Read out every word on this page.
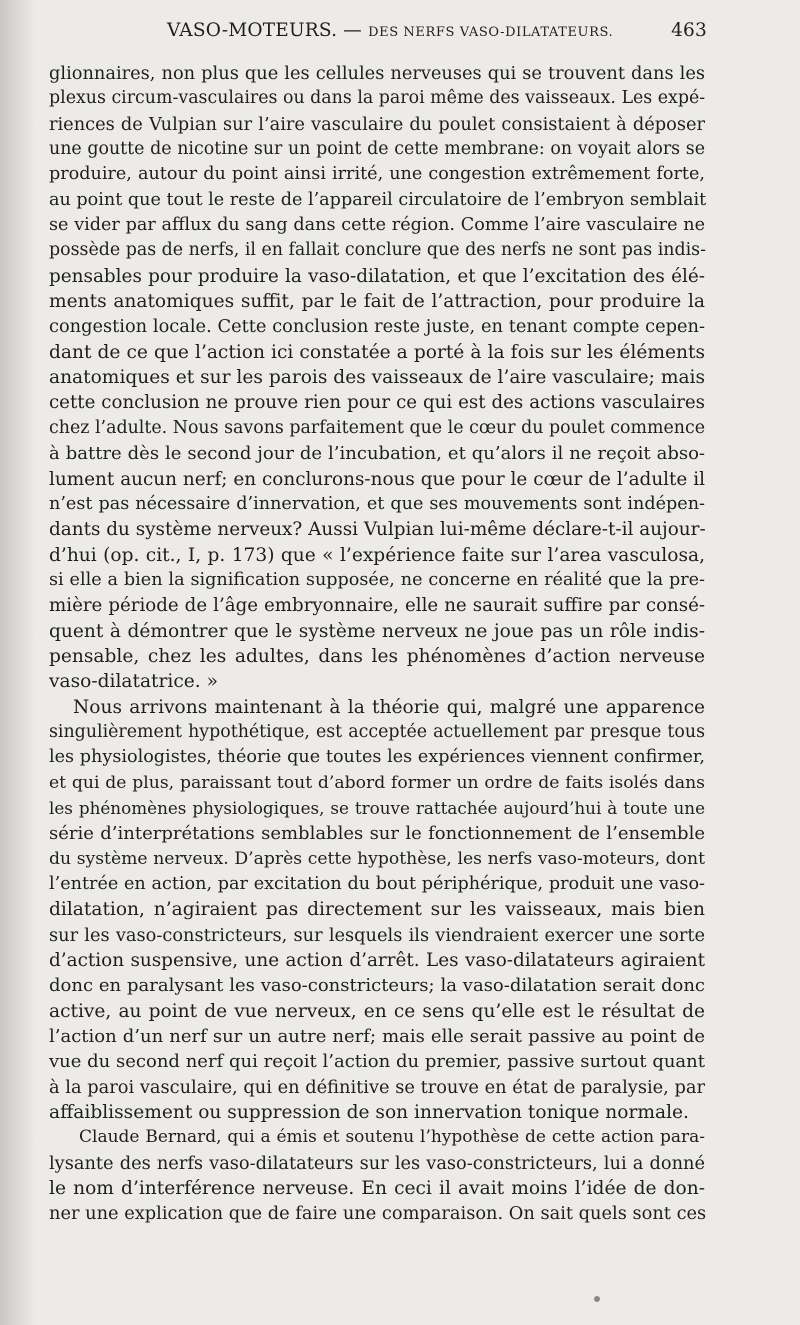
VASO-MOTEURS. — DES NERFS VASO-DILATATEURS.	463
glionnaires, non plus que les cellules nerveuses qui se trouvent dans les
plexus circum-vasculaires ou dans la paroi même des vaisseaux. Les expé-
riences de Vulpian sur l’aire vasculaire du poulet consistaient à déposer
une goutte de nicotine sur un point de cette membrane: on voyait alors se
produire, autour du point ainsi irrité, une congestion extrêmement forte,
au point que tout le reste de l’appareil circulatoire de l’embryon semblait
se vider par afflux du sang dans cette région. Comme l’aire vasculaire ne
possède pas de nerfs, il en fallait conclure que des nerfs ne sont pas indis-
pensables pour produire la vaso-dilatation, et que l’excitation des élé-
ments anatomiques suffit, par le fait de l’attraction, pour produire la
congestion locale. Cette conclusion reste juste, en tenant compte cepen-
dant de ce que l’action ici constatée a porté à la fois sur les éléments
anatomiques et sur les parois des vaisseaux de l’aire vasculaire; mais
cette conclusion ne prouve rien pour ce qui est des actions vasculaires
chez l’adulte. Nous savons parfaitement que le cœur du poulet commence
à battre dès le second jour de l’incubation, et qu’alors il ne reçoit abso-
lument aucun nerf; en conclurons-nous que pour le cœur de l’adulte il
n’est pas nécessaire d’innervation, et que ses mouvements sont indépen-
dants du système nerveux? Aussi Vulpian lui-même déclare-t-il aujour-
d’hui (op. cit., I, p. 173) que « l’expérience faite sur l’area vasculosa,
si elle a bien la signification supposée, ne concerne en réalité que la pre-
mière période de l’âge embryonnaire, elle ne saurait suffire par consé-
quent à démontrer que le système nerveux ne joue pas un rôle indis-
pensable, chez les adultes, dans les phénomènes d’action nerveuse
vaso-dilatatrice. »
Nous arrivons maintenant à la théorie qui, malgré une apparence
singulièrement hypothétique, est acceptée actuellement par presque tous
les physiologistes, théorie que toutes les expériences viennent confirmer,
et qui de plus, paraissant tout d’abord former un ordre de faits isolés dans
les phénomènes physiologiques, se trouve rattachée aujourd’hui à toute une
série d’interprétations semblables sur le fonctionnement de l’ensemble
du système nerveux. D’après cette hypothèse, les nerfs vaso-moteurs, dont
l’entrée en action, par excitation du bout périphérique, produit une vaso-
dilatation, n’agiraient pas directement sur les vaisseaux, mais bien
sur les vaso-constricteurs, sur lesquels ils viendraient exercer une sorte
d’action suspensive, une action d’arrêt. Les vaso-dilatateurs agiraient
donc en paralysant les vaso-constricteurs; la vaso-dilatation serait donc
active, au point de vue nerveux, en ce sens qu’elle est le résultat de
l’action d’un nerf sur un autre nerf; mais elle serait passive au point de
vue du second nerf qui reçoit l’action du premier, passive surtout quant
à la paroi vasculaire, qui en définitive se trouve en état de paralysie, par
affaiblissement ou suppression de son innervation tonique normale.
Claude Bernard, qui a émis et soutenu l’hypothèse de cette action para-
lysante des nerfs vaso-dilatateurs sur les vaso-constricteurs, lui a donné
le nom d’interférence nerveuse. En ceci il avait moins l’idée de don-
ner une explication que de faire une comparaison. On sait quels sont ces
